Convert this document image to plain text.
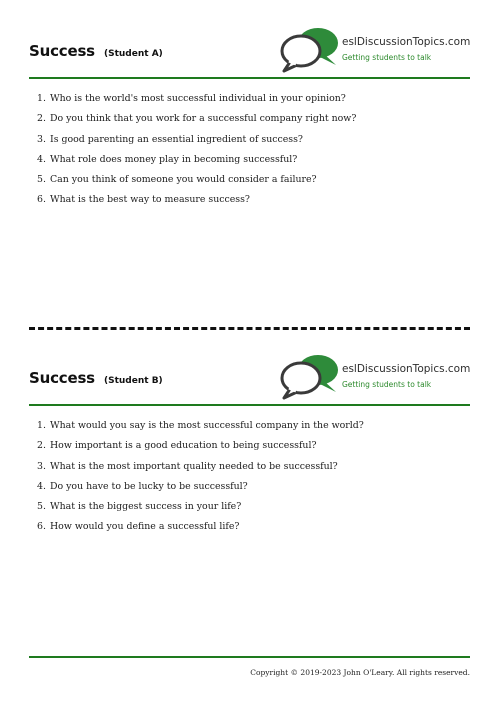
Success (Student A)
eslDiscussionTopics.com
Getting students to talk
1. Who is the world's most successful individual in your opinion?
2. Do you think that you work for a successful company right now?
3. Is good parenting an essential ingredient of success?
4. What role does money play in becoming successful?
5. Can you think of someone you would consider a failure?
6. What is the best way to measure success?
Success (Student B)
eslDiscussionTopics.com
Getting students to talk
1. What would you say is the most successful company in the world?
2. How important is a good education to being successful?
3. What is the most important quality needed to be successful?
4. Do you have to be lucky to be successful?
5. What is the biggest success in your life?
6. How would you define a successful life?
Copyright © 2019-2023 John O'Leary. All rights reserved.
